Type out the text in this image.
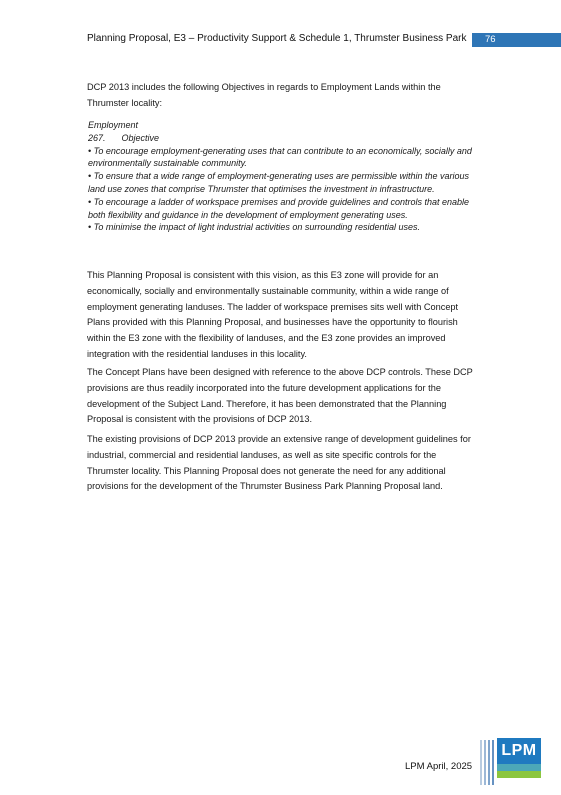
Planning Proposal, E3 – Productivity Support & Schedule 1, Thrumster Business Park 76
DCP 2013 includes the following Objectives in regards to Employment Lands within the Thrumster locality:
Employment
267. Objective
• To encourage employment-generating uses that can contribute to an economically, socially and environmentally sustainable community.
• To ensure that a wide range of employment-generating uses are permissible within the various land use zones that comprise Thrumster that optimises the investment in infrastructure.
• To encourage a ladder of workspace premises and provide guidelines and controls that enable both flexibility and guidance in the development of employment generating uses.
• To minimise the impact of light industrial activities on surrounding residential uses.
This Planning Proposal is consistent with this vision, as this E3 zone will provide for an economically, socially and environmentally sustainable community, within a wide range of employment generating landuses. The ladder of workspace premises sits well with Concept Plans provided with this Planning Proposal, and businesses have the opportunity to flourish within the E3 zone with the flexibility of landuses, and the E3 zone provides an improved integration with the residential landuses in this locality.
The Concept Plans have been designed with reference to the above DCP controls. These DCP provisions are thus readily incorporated into the future development applications for the development of the Subject Land. Therefore, it has been demonstrated that the Planning Proposal is consistent with the provisions of DCP 2013.
The existing provisions of DCP 2013 provide an extensive range of development guidelines for industrial, commercial and residential landuses, as well as site specific controls for the Thrumster locality. This Planning Proposal does not generate the need for any additional provisions for the development of the Thrumster Business Park Planning Proposal land.
LPM April, 2025
LPM
